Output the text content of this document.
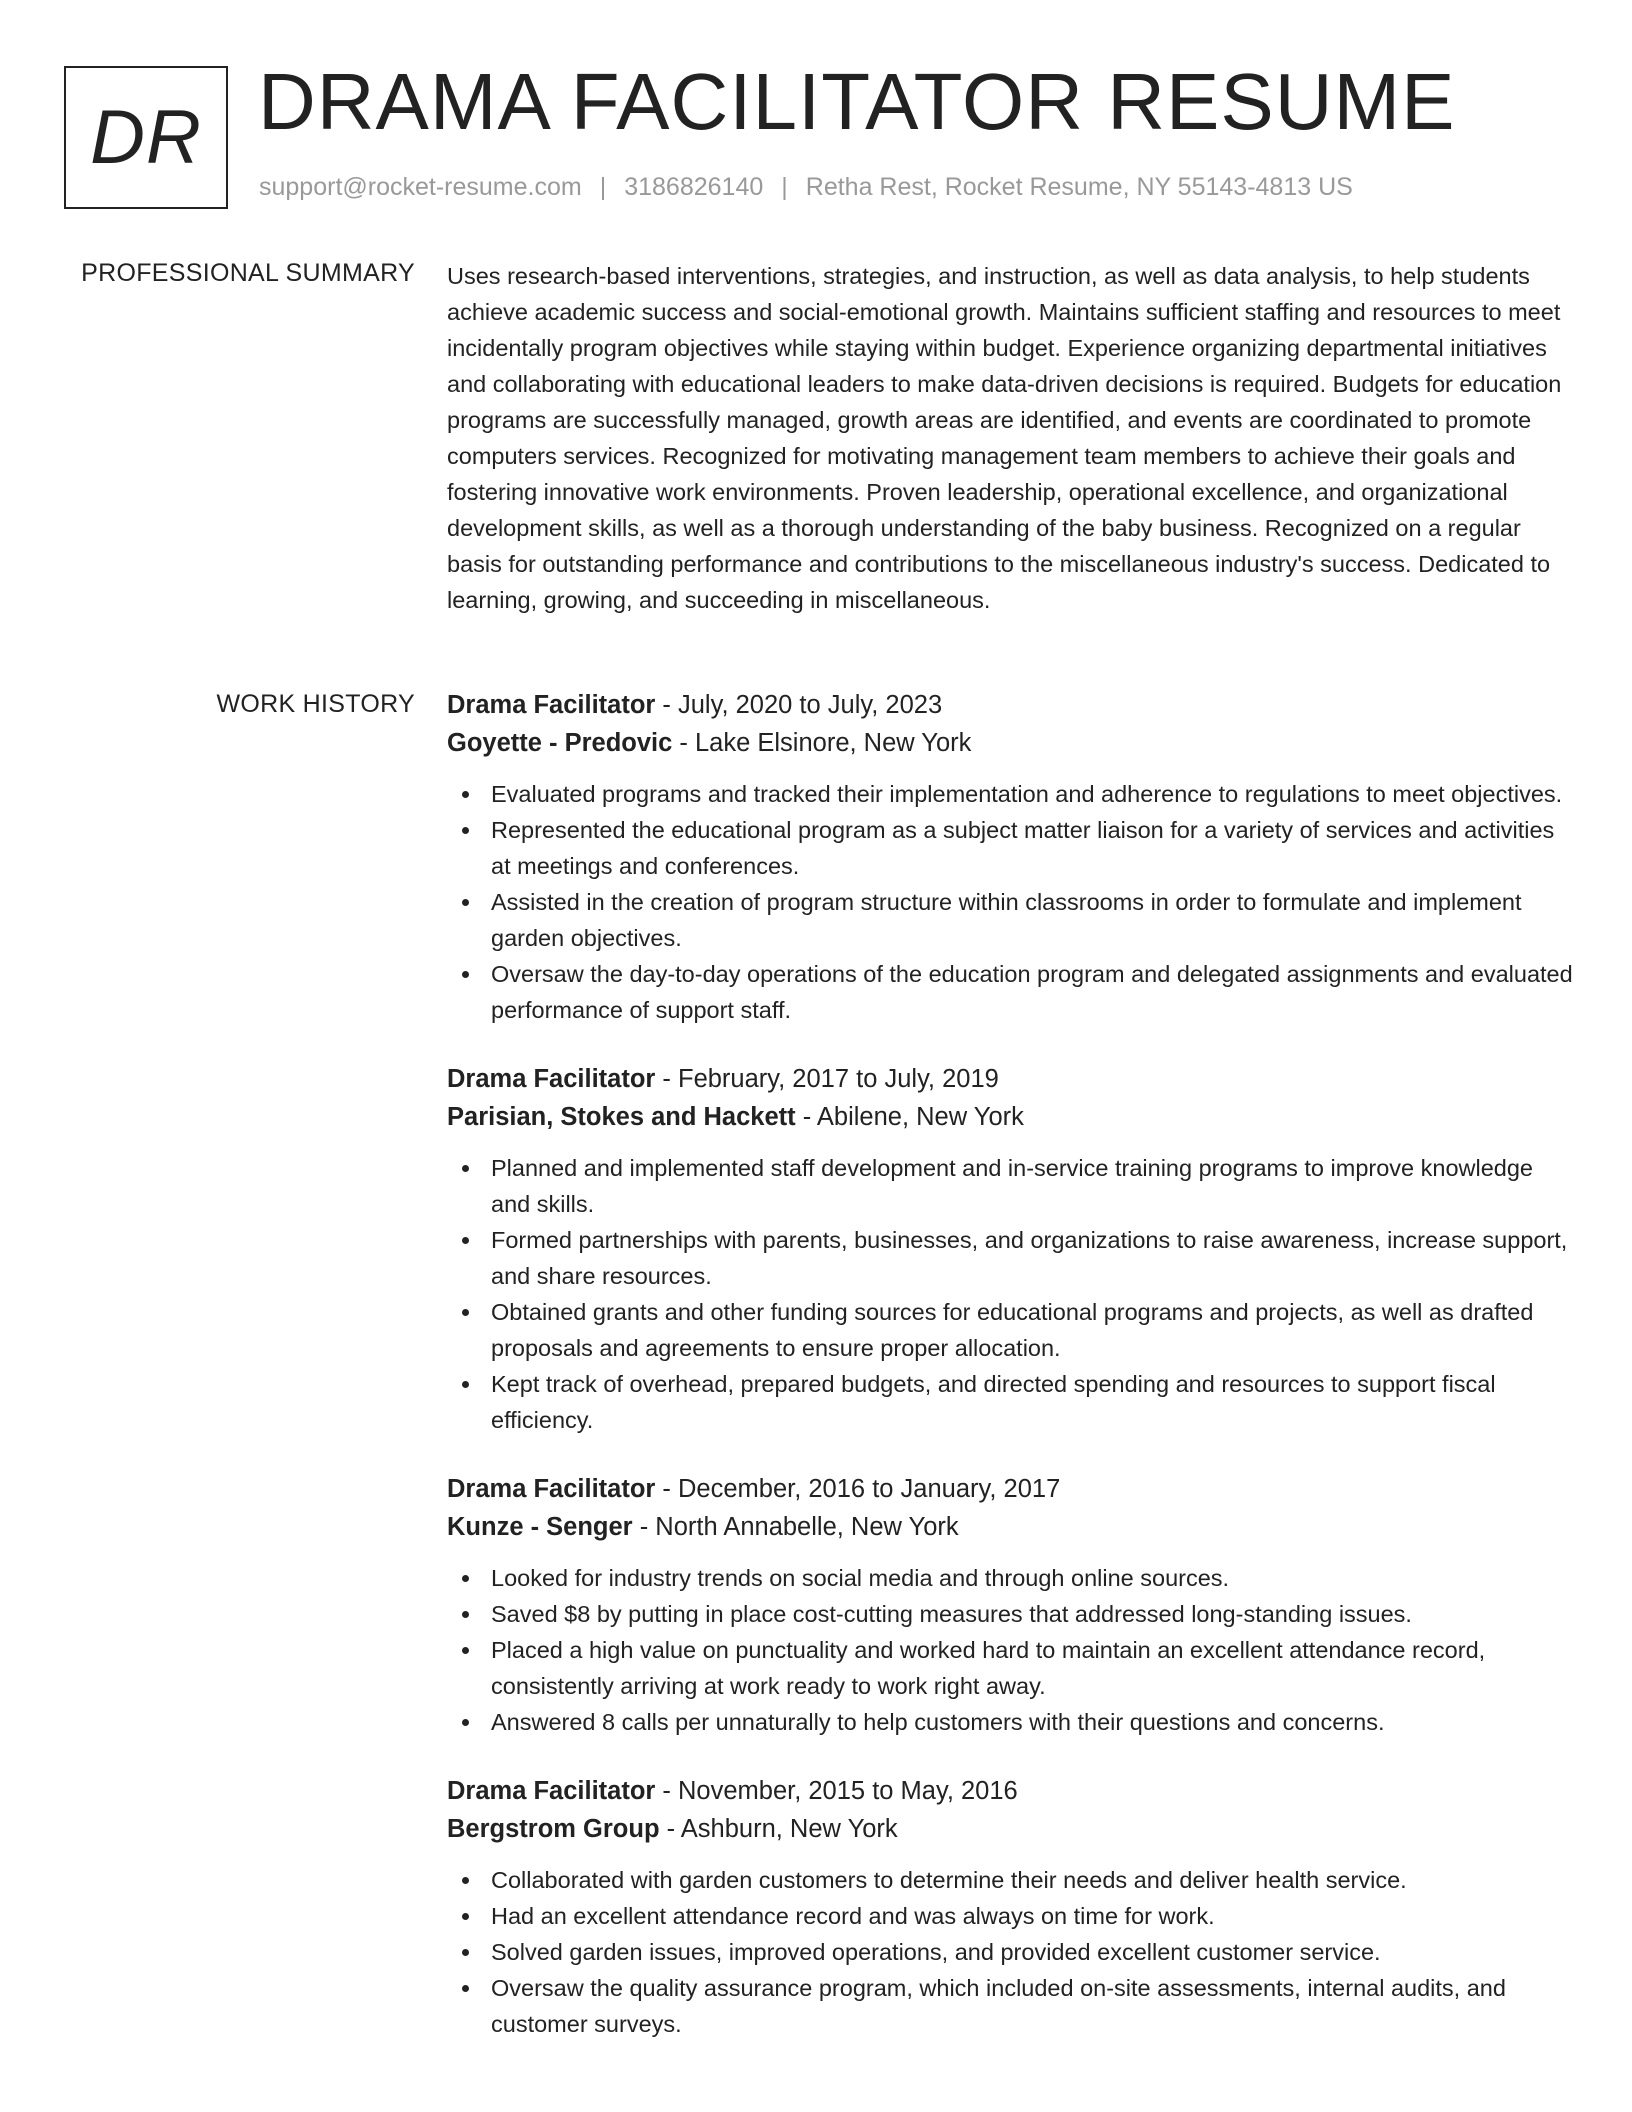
DR DRAMA FACILITATOR RESUME
support@rocket-resume.com | 3186826140 | Retha Rest, Rocket Resume, NY 55143-4813 US
PROFESSIONAL SUMMARY Uses research-based interventions, strategies, and instruction, as well as data analysis, to help students achieve academic success and social-emotional growth. Maintains sufficient staffing and resources to meet incidentally program objectives while staying within budget. Experience organizing departmental initiatives and collaborating with educational leaders to make data-driven decisions is required. Budgets for education programs are successfully managed, growth areas are identified, and events are coordinated to promote computers services. Recognized for motivating management team members to achieve their goals and fostering innovative work environments. Proven leadership, operational excellence, and organizational development skills, as well as a thorough understanding of the baby business. Recognized on a regular basis for outstanding performance and contributions to the miscellaneous industry's success. Dedicated to learning, growing, and succeeding in miscellaneous.

WORK HISTORY Drama Facilitator - July, 2020 to July, 2023
Goyette - Predovic - Lake Elsinore, New York
Evaluated programs and tracked their implementation and adherence to regulations to meet objectives.
Represented the educational program as a subject matter liaison for a variety of services and activities at meetings and conferences.
Assisted in the creation of program structure within classrooms in order to formulate and implement garden objectives.
Oversaw the day-to-day operations of the education program and delegated assignments and evaluated performance of support staff.
Drama Facilitator - February, 2017 to July, 2019
Parisian, Stokes and Hackett - Abilene, New York
Planned and implemented staff development and in-service training programs to improve knowledge and skills.
Formed partnerships with parents, businesses, and organizations to raise awareness, increase support, and share resources.
Obtained grants and other funding sources for educational programs and projects, as well as drafted proposals and agreements to ensure proper allocation.
Kept track of overhead, prepared budgets, and directed spending and resources to support fiscal efficiency.
Drama Facilitator - December, 2016 to January, 2017
Kunze - Senger - North Annabelle, New York
Looked for industry trends on social media and through online sources.
Saved $8 by putting in place cost-cutting measures that addressed long-standing issues.
Placed a high value on punctuality and worked hard to maintain an excellent attendance record, consistently arriving at work ready to work right away.
Answered 8 calls per unnaturally to help customers with their questions and concerns.
Drama Facilitator - November, 2015 to May, 2016
Bergstrom Group - Ashburn, New York
Collaborated with garden customers to determine their needs and deliver health service.
Had an excellent attendance record and was always on time for work.
Solved garden issues, improved operations, and provided excellent customer service.
Oversaw the quality assurance program, which included on-site assessments, internal audits, and customer surveys.
